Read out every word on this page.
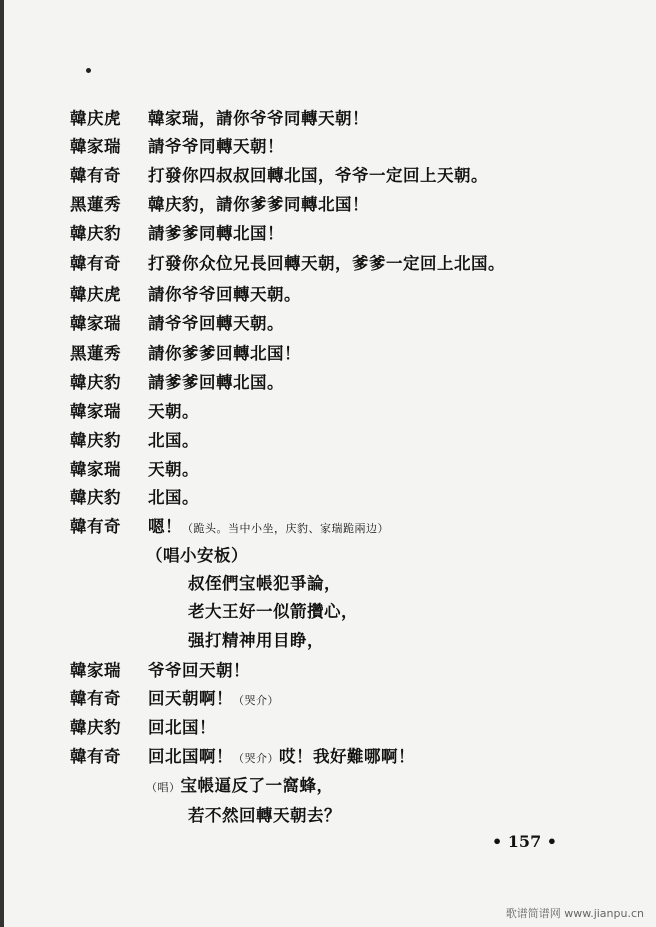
韓庆虎 韓家瑞，請你爷爷同轉天朝！
韓家瑞 請爷爷同轉天朝！
韓有奇 打發你四叔叔回轉北国，爷爷一定回上天朝。
黑蓮秀 韓庆豹，請你爹爹同轉北国！
韓庆豹 請爹爹同轉北国！
韓有奇 打發你众位兄長回轉天朝，爹爹一定回上北国。
韓庆虎 請你爷爷回轉天朝。
韓家瑞 請爷爷回轉天朝。
黑蓮秀 請你爹爹回轉北国！
韓庆豹 請爹爹回轉北国。
韓家瑞 天朝。
韓庆豹 北国。
韓家瑞 天朝。
韓庆豹 北国。
韓有奇 嗯！（跪头。当中小坐，庆豹、家瑞跪兩边）
（唱小安板）
叔侄們宝帳犯爭論，
老大王好一似箭攢心，
强打精神用目睁，
韓家瑞 爷爷回天朝！
韓有奇 回天朝啊！（哭介）
韓庆豹 回北国！
韓有奇 回北国啊！（哭介）哎！我好難哪啊！
（唱）宝帳逼反了一窩蜂，
若不然回轉天朝去？
• 157 •
歌谱简谱网 www.jianpu.cn
